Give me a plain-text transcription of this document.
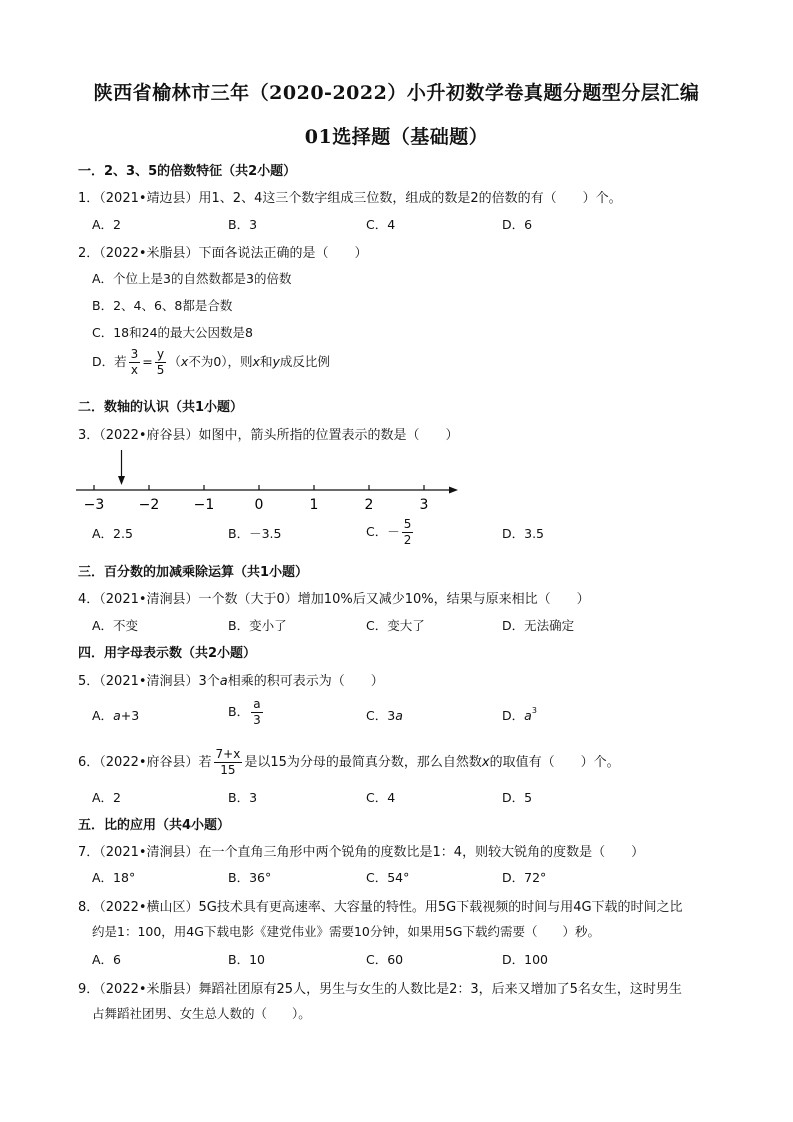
陕西省榆林市三年（2020-2022）小升初数学卷真题分题型分层汇编
01选择题（基础题）
一．2、3、5的倍数特征（共2小题）
1．（2021•靖边县）用1、2、4这三个数字组成三位数，组成的数是2的倍数的有（　　）个。
A．2	B．3	C．4	D．6
2．（2022•米脂县）下面各说法正确的是（　　）
A．个位上是3的自然数都是3的倍数
B．2、4、6、8都是合数
C．18和24的最大公因数是8
D．若 $\frac{3}{x} = \frac{y}{5} (x$不为0），则x和y成反比例
二．数轴的认识（共1小题）
3．（2022•府谷县）如图中，箭头所指的位置表示的数是（　　）
−3 −2 −1	0	1	2	3
A．2.5	B．－3.5	C．－ $\frac{5}{2}$	D．3.5
三．百分数的加减乘除运算（共1小题）
4．（2021•清涧县）一个数（大于0）增加10%后又减少10%，结果与原来相比（　　）
A．不变	B．变小了	C．变大了	D．无法确定
四．用字母表示数（共2小题）
5．（2021•清涧县）3个a相乘的积可表示为（　　）
A．a+3	B． $\frac{a}{3}$	C．3a	D．$a^3$
6．（2022•府谷县）若 $\frac{7+x}{15}$ 是以15为分母的最简真分数，那么自然数x的取值有（　　）个。
A．2	B．3	C．4	D．5
五．比的应用（共4小题）
7．（2021•清涧县）在一个直角三角形中两个锐角的度数比是1：4，则较大锐角的度数是（　　）
A．18°	B．36°	C．54°	D．72°
8．（2022•横山区）5G技术具有更高速率、大容量的特性。用5G下载视频的时间与用4G下载的时间之比
约是1：100，用4G下载电影《建党伟业》需要10分钟，如果用5G下载约需要（　　）秒。
A．6	B．10	C．60	D．100
9．（2022•米脂县）舞蹈社团原有25人，男生与女生的人数比是2：3，后来又增加了5名女生，这时男生
占舞蹈社团男、女生总人数的（　　）。
